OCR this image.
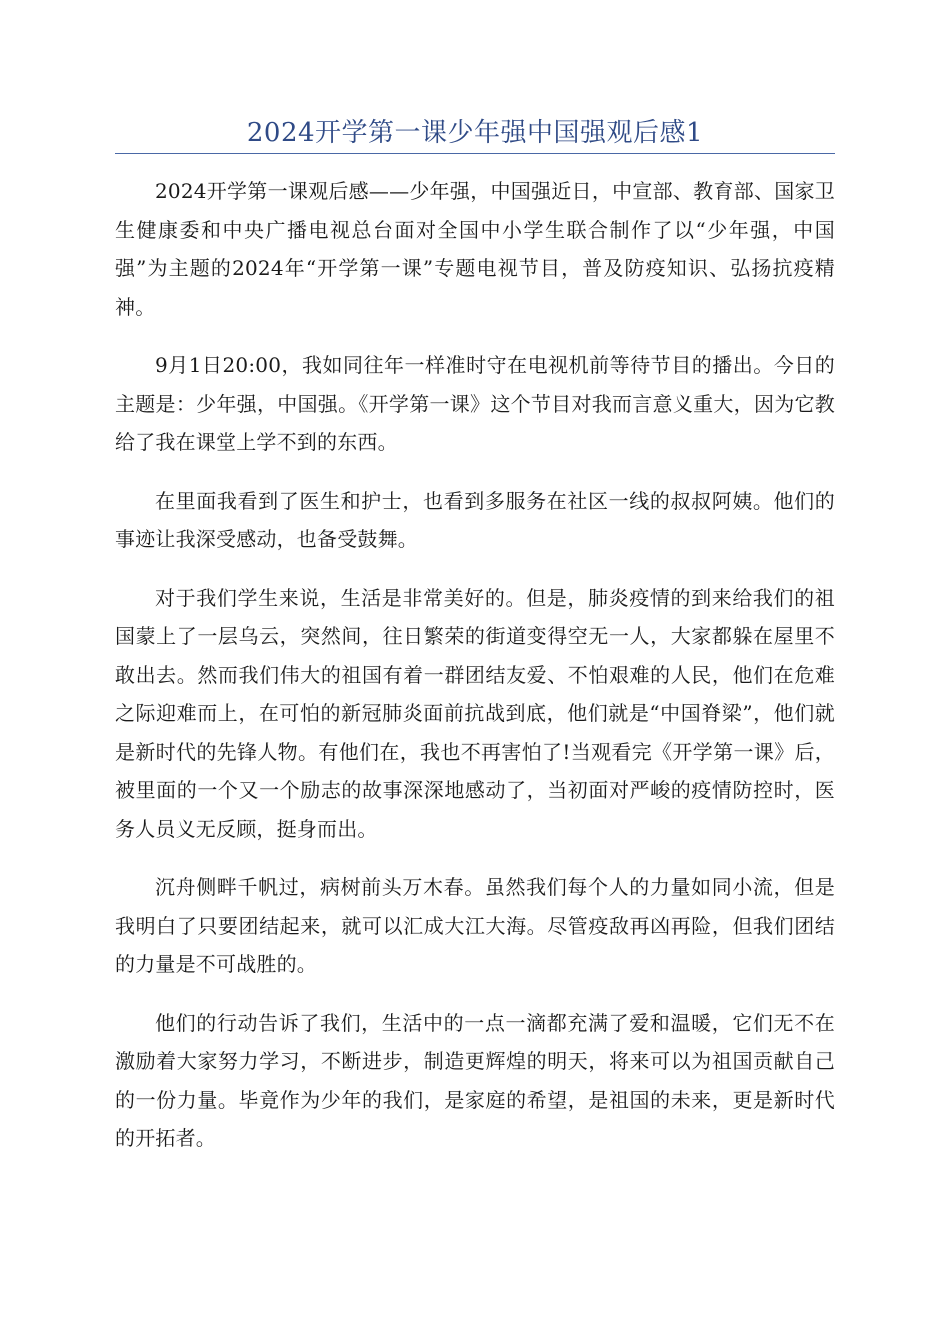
2024开学第一课少年强中国强观后感1

2024开学第一课观后感——少年强，中国强近日，中宣部、教育部、国家卫生健康委和中央广播电视总台面对全国中小学生联合制作了以“少年强，中国强”为主题的2024年“开学第一课”专题电视节目，普及防疫知识、弘扬抗疫精神。

9月1日20:00，我如同往年一样准时守在电视机前等待节目的播出。今日的主题是：少年强，中国强。《开学第一课》这个节目对我而言意义重大，因为它教给了我在课堂上学不到的东西。

在里面我看到了医生和护士，也看到多服务在社区一线的叔叔阿姨。他们的事迹让我深受感动，也备受鼓舞。

对于我们学生来说，生活是非常美好的。但是，肺炎疫情的到来给我们的祖国蒙上了一层乌云，突然间，往日繁荣的街道变得空无一人，大家都躲在屋里不敢出去。然而我们伟大的祖国有着一群团结友爱、不怕艰难的人民，他们在危难之际迎难而上，在可怕的新冠肺炎面前抗战到底，他们就是“中国脊梁”，他们就是新时代的先锋人物。有他们在，我也不再害怕了!当观看完《开学第一课》后，被里面的一个又一个励志的故事深深地感动了，当初面对严峻的疫情防控时，医务人员义无反顾，挺身而出。

沉舟侧畔千帆过，病树前头万木春。虽然我们每个人的力量如同小流，但是我明白了只要团结起来，就可以汇成大江大海。尽管疫敌再凶再险，但我们团结的力量是不可战胜的。

他们的行动告诉了我们，生活中的一点一滴都充满了爱和温暖，它们无不在激励着大家努力学习，不断进步，制造更辉煌的明天，将来可以为祖国贡献自己的一份力量。毕竟作为少年的我们，是家庭的希望，是祖国的未来，更是新时代的开拓者。
